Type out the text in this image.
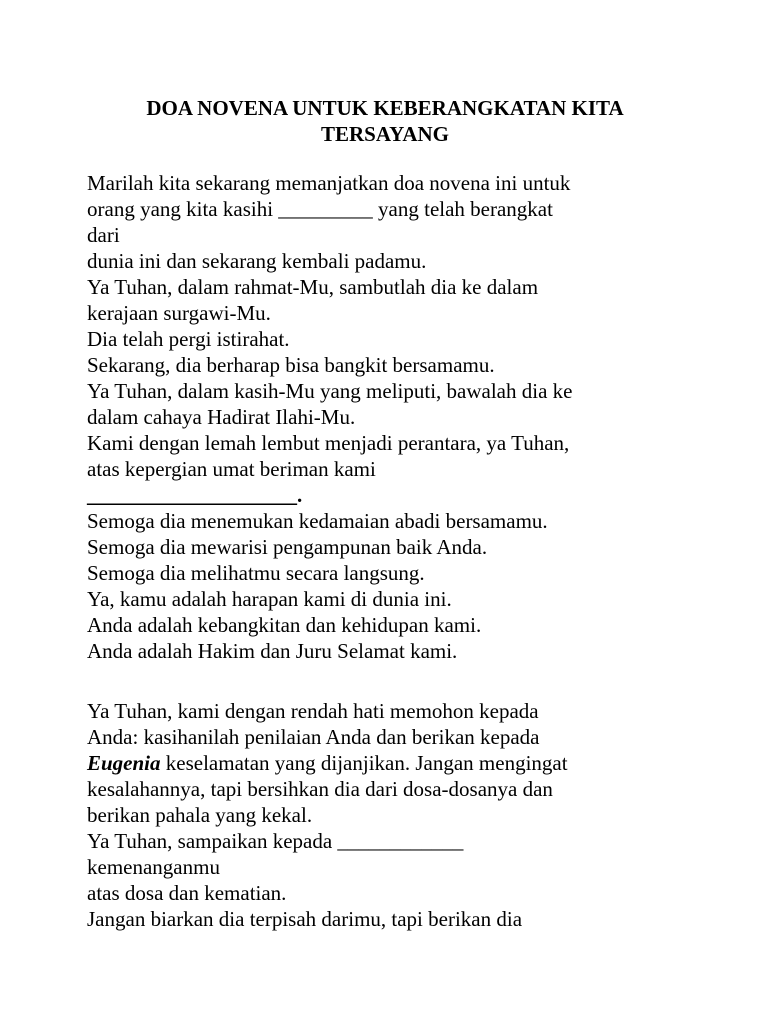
DOA NOVENA UNTUK KEBERANGKATAN KITA
TERSAYANG

Marilah kita sekarang memanjatkan doa novena ini untuk
orang yang kita kasihi _________ yang telah berangkat
dari
dunia ini dan sekarang kembali padamu.
Ya Tuhan, dalam rahmat-Mu, sambutlah dia ke dalam
kerajaan surgawi-Mu.
Dia telah pergi istirahat.
Sekarang, dia berharap bisa bangkit bersamamu.
Ya Tuhan, dalam kasih-Mu yang meliputi, bawalah dia ke
dalam cahaya Hadirat Ilahi-Mu.
Kami dengan lemah lembut menjadi perantara, ya Tuhan,
atas kepergian umat beriman kami
____________________.
Semoga dia menemukan kedamaian abadi bersamamu.
Semoga dia mewarisi pengampunan baik Anda.
Semoga dia melihatmu secara langsung.
Ya, kamu adalah harapan kami di dunia ini.
Anda adalah kebangkitan dan kehidupan kami.
Anda adalah Hakim dan Juru Selamat kami.

Ya Tuhan, kami dengan rendah hati memohon kepada
Anda: kasihanilah penilaian Anda dan berikan kepada
Eugenia keselamatan yang dijanjikan. Jangan mengingat
kesalahannya, tapi bersihkan dia dari dosa-dosanya dan
berikan pahala yang kekal.
Ya Tuhan, sampaikan kepada ____________
kemenanganmu
atas dosa dan kematian.
Jangan biarkan dia terpisah darimu, tapi berikan dia
